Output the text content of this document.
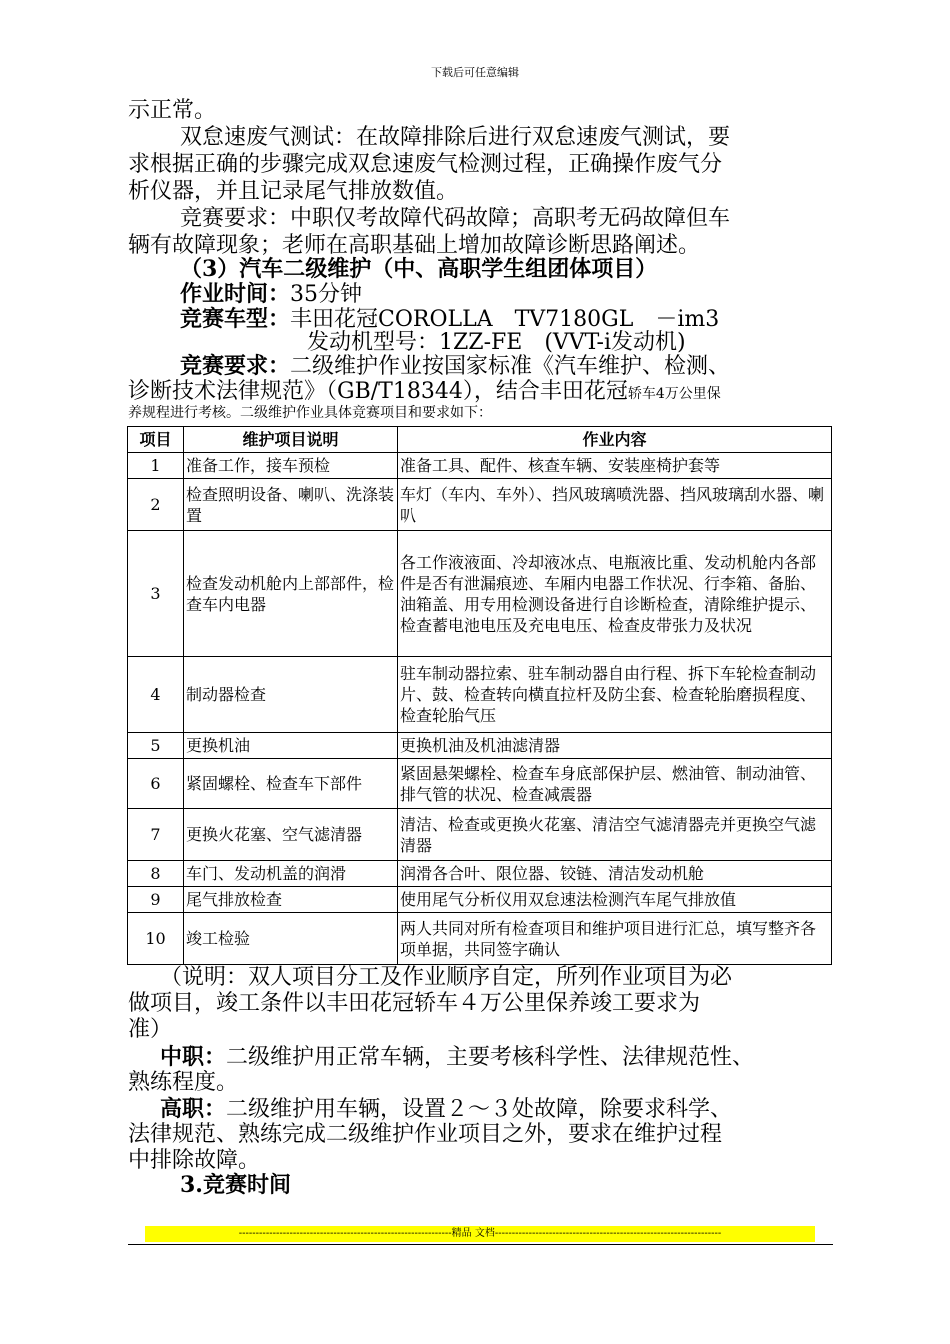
下载后可任意编辑
示正常。
双怠速废气测试：在故障排除后进行双怠速废气测试，要
求根据正确的步骤完成双怠速废气检测过程，正确操作废气分
析仪器，并且记录尾气排放数值。
竞赛要求：中职仅考故障代码故障；高职考无码故障但车
辆有故障现象；老师在高职基础上增加故障诊断思路阐述。
（3）汽车二级维护（中、高职学生组团体项目）
作业时间：35分钟
竞赛车型：丰田花冠COROLLA　TV7180GL　－im3
发动机型号：1ZZ-FE　(VVT-i发动机)
竞赛要求：二级维护作业按国家标准《汽车维护、检测、
诊断技术法律规范》（GB/T18344），结合丰田花冠轿车4万公里保
养规程进行考核。二级维护作业具体竞赛项目和要求如下：
项目	维护项目说明	作业内容
1	准备工作，接车预检	准备工具、配件、核查车辆、安装座椅护套等
2	检查照明设备、喇叭、洗涤装置	车灯（车内、车外）、挡风玻璃喷洗器、挡风玻璃刮水器、喇叭
3	检查发动机舱内上部部件，检查车内电器	各工作液液面、冷却液冰点、电瓶液比重、发动机舱内各部件是否有泄漏痕迹、车厢内电器工作状况、行李箱、备胎、油箱盖、用专用检测设备进行自诊断检查，清除维护提示、检查蓄电池电压及充电电压、检查皮带张力及状况
4	制动器检查	驻车制动器拉索、驻车制动器自由行程、拆下车轮检查制动片、鼓、检查转向横直拉杆及防尘套、检查轮胎磨损程度、检查轮胎气压
5	更换机油	更换机油及机油滤清器
6	紧固螺栓、检查车下部件	紧固悬架螺栓、检查车身底部保护层、燃油管、制动油管、排气管的状况、检查减震器
7	更换火花塞、空气滤清器	清洁、检查或更换火花塞、清洁空气滤清器壳并更换空气滤清器
8	车门、发动机盖的润滑	润滑各合叶、限位器、铰链、清洁发动机舱
9	尾气排放检查	使用尾气分析仪用双怠速法检测汽车尾气排放值
10	竣工检验	两人共同对所有检查项目和维护项目进行汇总，填写整齐各项单据，共同签字确认
（说明：双人项目分工及作业顺序自定，所列作业项目为必
做项目，竣工条件以丰田花冠轿车４万公里保养竣工要求为
准）
中职：二级维护用正常车辆，主要考核科学性、法律规范性、
熟练程度。
高职：二级维护用车辆，设置２～３处故障，除要求科学、
法律规范、熟练完成二级维护作业项目之外，要求在维护过程
中排除故障。
3.竞赛时间
---------------------------------------------------------------精品 文档-------------------------------------------------------------------
